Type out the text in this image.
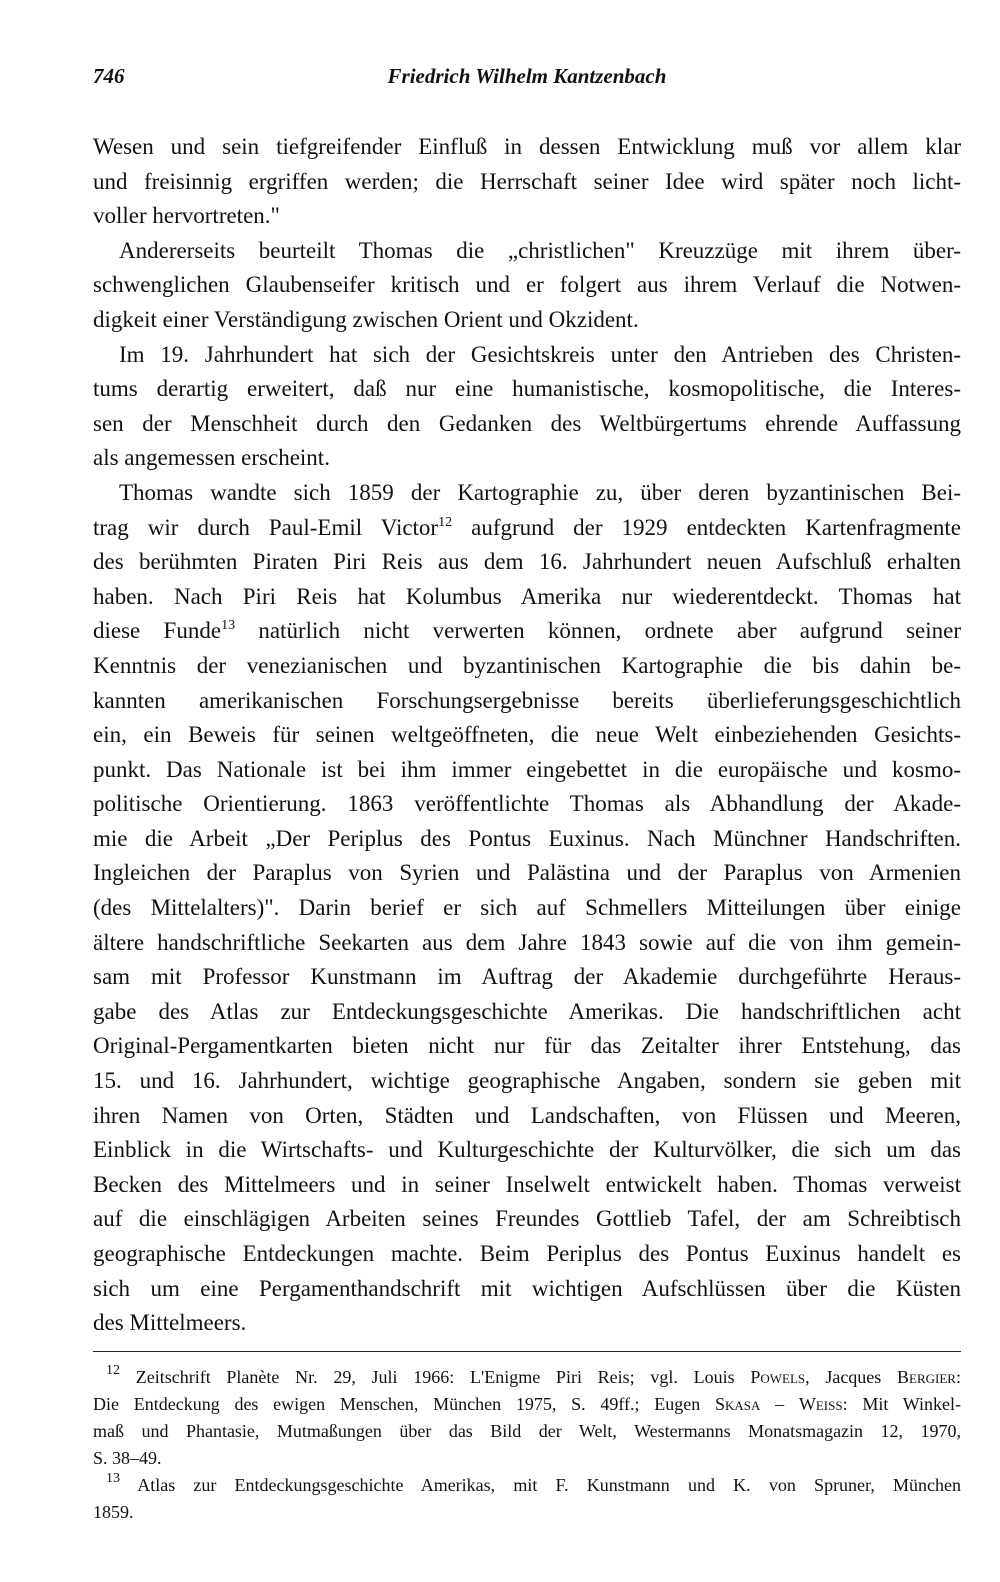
746	Friedrich Wilhelm Kantzenbach

Wesen und sein tiefgreifender Einfluß in dessen Entwicklung muß vor allem klar
und freisinnig ergriffen werden; die Herrschaft seiner Idee wird später noch licht-
voller hervortreten."

Andererseits beurteilt Thomas die „christlichen" Kreuzzüge mit ihrem über-
schwenglichen Glaubenseifer kritisch und er folgert aus ihrem Verlauf die Notwen-
digkeit einer Verständigung zwischen Orient und Okzident.

Im 19. Jahrhundert hat sich der Gesichtskreis unter den Antrieben des Christen-
tums derartig erweitert, daß nur eine humanistische, kosmopolitische, die Interes-
sen der Menschheit durch den Gedanken des Weltbürgertums ehrende Auffassung
als angemessen erscheint.

Thomas wandte sich 1859 der Kartographie zu, über deren byzantinischen Bei-
trag wir durch Paul-Emil Victor$^{12}$ aufgrund der 1929 entdeckten Kartenfragmente
des berühmten Piraten Piri Reis aus dem 16. Jahrhundert neuen Aufschluß erhalten
haben. Nach Piri Reis hat Kolumbus Amerika nur wiederentdeckt. Thomas hat
diese Funde$^{13}$ natürlich nicht verwerten können, ordnete aber aufgrund seiner
Kenntnis der venezianischen und byzantinischen Kartographie die bis dahin be-
kannten amerikanischen Forschungsergebnisse bereits überlieferungsgeschichtlich
ein, ein Beweis für seinen weltgeöffneten, die neue Welt einbeziehenden Gesichts-
punkt. Das Nationale ist bei ihm immer eingebettet in die europäische und kosmo-
politische Orientierung. 1863 veröffentlichte Thomas als Abhandlung der Akade-
mie die Arbeit „Der Periplus des Pontus Euxinus. Nach Münchner Handschriften.
Ingleichen der Paraplus von Syrien und Palästina und der Paraplus von Armenien
(des Mittelalters)". Darin berief er sich auf Schmellers Mitteilungen über einige
ältere handschriftliche Seekarten aus dem Jahre 1843 sowie auf die von ihm gemein-
sam mit Professor Kunstmann im Auftrag der Akademie durchgeführte Heraus-
gabe des Atlas zur Entdeckungsgeschichte Amerikas. Die handschriftlichen acht
Original-Pergamentkarten bieten nicht nur für das Zeitalter ihrer Entstehung, das
15. und 16. Jahrhundert, wichtige geographische Angaben, sondern sie geben mit
ihren Namen von Orten, Städten und Landschaften, von Flüssen und Meeren,
Einblick in die Wirtschafts- und Kulturgeschichte der Kulturvölker, die sich um das
Becken des Mittelmeers und in seiner Inselwelt entwickelt haben. Thomas verweist
auf die einschlägigen Arbeiten seines Freundes Gottlieb Tafel, der am Schreibtisch
geographische Entdeckungen machte. Beim Periplus des Pontus Euxinus handelt es
sich um eine Pergamenthandschrift mit wichtigen Aufschlüssen über die Küsten
des Mittelmeers.

$^{12}$ Zeitschrift Planète Nr. 29, Juli 1966: L'Enigme Piri Reis; vgl. Louis Powels, Jacques Bergier:
Die Entdeckung des ewigen Menschen, München 1975, S. 49ff.; Eugen Skasa – Weiss: Mit Winkel-
maß und Phantasie, Mutmaßungen über das Bild der Welt, Westermanns Monatsmagazin 12, 1970,
S. 38–49.
$^{13}$ Atlas zur Entdeckungsgeschichte Amerikas, mit F. Kunstmann und K. von Spruner, München
1859.
